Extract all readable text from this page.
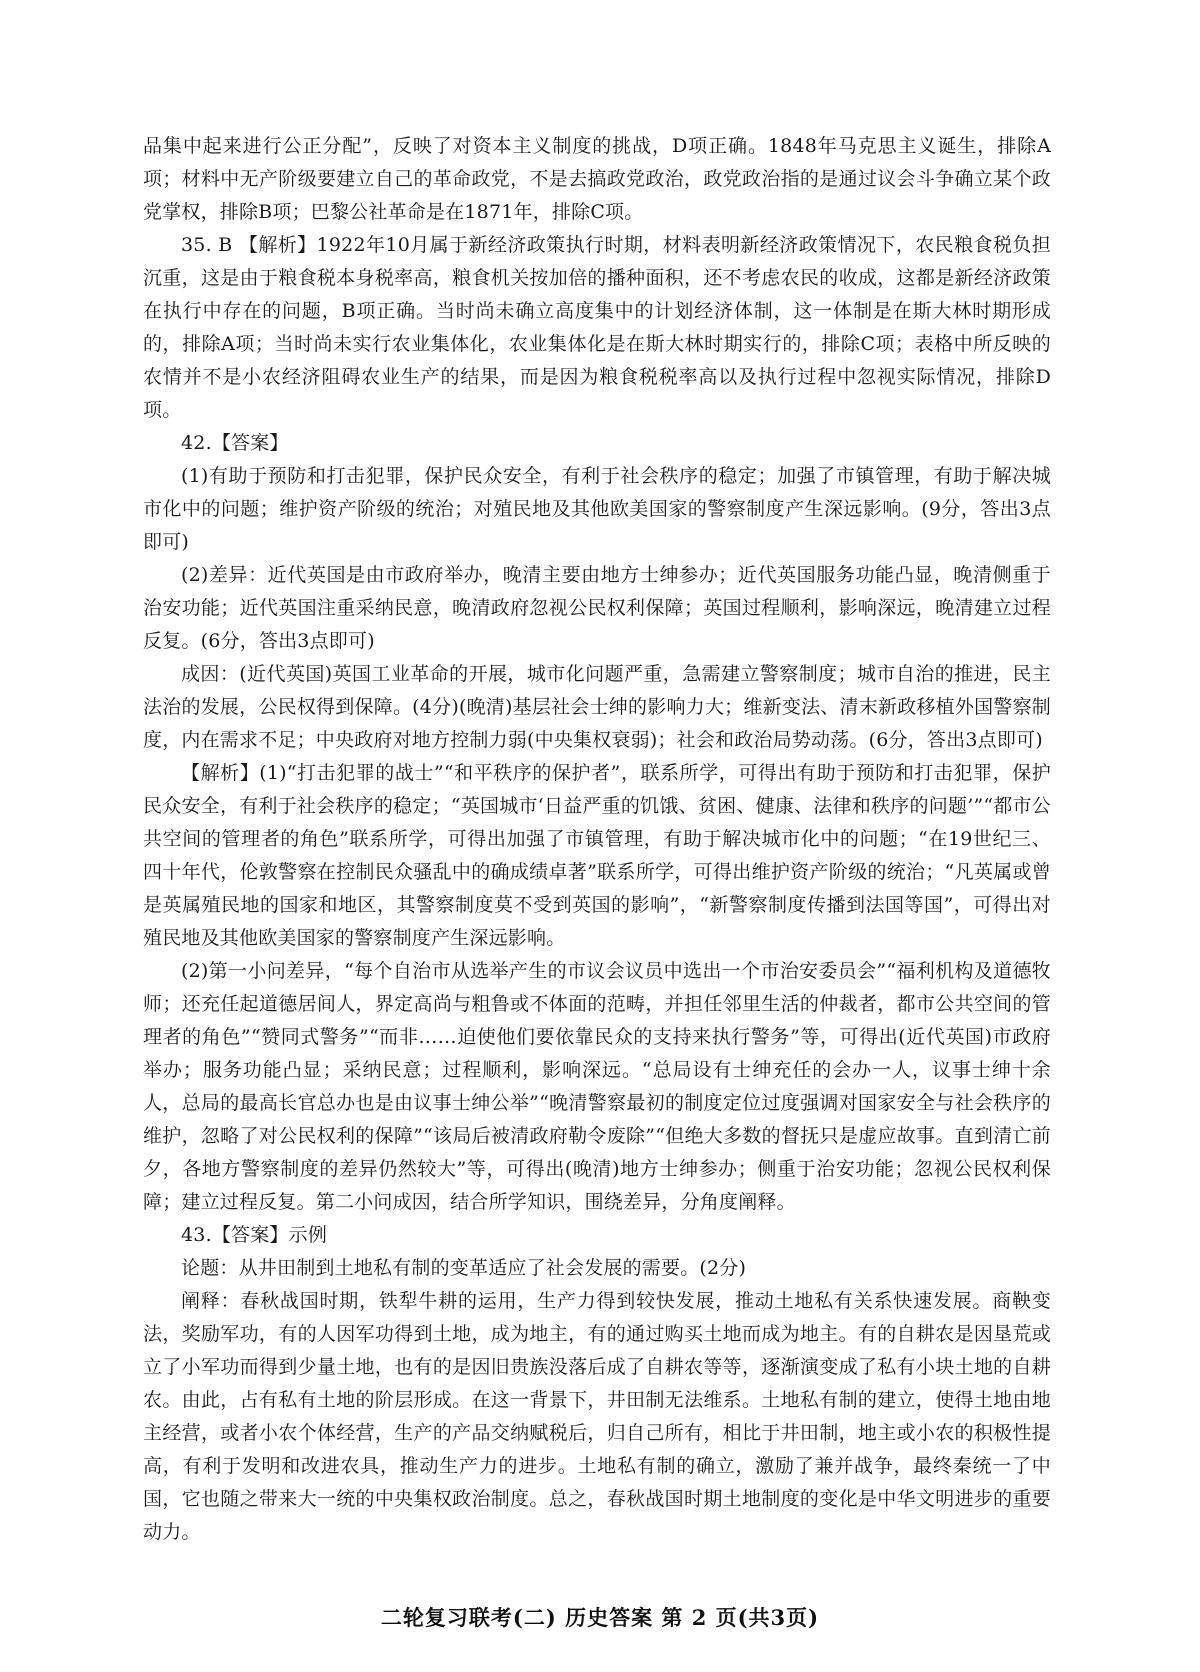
品集中起来进行公正分配”，反映了对资本主义制度的挑战，D项正确。1848年马克思主义诞生，排除A项；材料中无产阶级要建立自己的革命政党，不是去搞政党政治，政党政治指的是通过议会斗争确立某个政党掌权，排除B项；巴黎公社革命是在1871年，排除C项。

35. B 【解析】1922年10月属于新经济政策执行时期，材料表明新经济政策情况下，农民粮食税负担沉重，这是由于粮食税本身税率高，粮食机关按加倍的播种面积，还不考虑农民的收成，这都是新经济政策在执行中存在的问题，B项正确。当时尚未确立高度集中的计划经济体制，这一体制是在斯大林时期形成的，排除A项；当时尚未实行农业集体化，农业集体化是在斯大林时期实行的，排除C项；表格中所反映的农情并不是小农经济阻碍农业生产的结果，而是因为粮食税税率高以及执行过程中忽视实际情况，排除D项。

42.【答案】

(1)有助于预防和打击犯罪，保护民众安全，有利于社会秩序的稳定；加强了市镇管理，有助于解决城市化中的问题；维护资产阶级的统治；对殖民地及其他欧美国家的警察制度产生深远影响。(9分，答出3点即可)

(2)差异：近代英国是由市政府举办，晚清主要由地方士绅参办；近代英国服务功能凸显，晚清侧重于治安功能；近代英国注重采纳民意，晚清政府忽视公民权利保障；英国过程顺利，影响深远，晚清建立过程反复。(6分，答出3点即可)

成因：(近代英国)英国工业革命的开展，城市化问题严重，急需建立警察制度；城市自治的推进，民主法治的发展，公民权得到保障。(4分)(晚清)基层社会士绅的影响力大；维新变法、清末新政移植外国警察制度，内在需求不足；中央政府对地方控制力弱(中央集权衰弱)；社会和政治局势动荡。(6分，答出3点即可)

【解析】(1)“打击犯罪的战士”“和平秩序的保护者”，联系所学，可得出有助于预防和打击犯罪，保护民众安全，有利于社会秩序的稳定；“英国城市‘日益严重的饥饿、贫困、健康、法律和秩序的问题’”“都市公共空间的管理者的角色”联系所学，可得出加强了市镇管理，有助于解决城市化中的问题；“在19世纪三、四十年代，伦敦警察在控制民众骚乱中的确成绩卓著”联系所学，可得出维护资产阶级的统治；“凡英属或曾是英属殖民地的国家和地区，其警察制度莫不受到英国的影响”，“新警察制度传播到法国等国”，可得出对殖民地及其他欧美国家的警察制度产生深远影响。

(2)第一小问差异，“每个自治市从选举产生的市议会议员中选出一个市治安委员会”“福利机构及道德牧师；还充任起道德居间人，界定高尚与粗鲁或不体面的范畴，并担任邻里生活的仲裁者，都市公共空间的管理者的角色”“赞同式警务”“而非……迫使他们要依靠民众的支持来执行警务”等，可得出(近代英国)市政府举办；服务功能凸显；采纳民意；过程顺利，影响深远。“总局设有士绅充任的会办一人，议事士绅十余人，总局的最高长官总办也是由议事士绅公举”“晚清警察最初的制度定位过度强调对国家安全与社会秩序的维护，忽略了对公民权利的保障”“该局后被清政府勒令废除”“但绝大多数的督抚只是虚应故事。直到清亡前夕，各地方警察制度的差异仍然较大”等，可得出(晚清)地方士绅参办；侧重于治安功能；忽视公民权利保障；建立过程反复。第二小问成因，结合所学知识，围绕差异，分角度阐释。

43.【答案】示例

论题：从井田制到土地私有制的变革适应了社会发展的需要。(2分)

阐释：春秋战国时期，铁犁牛耕的运用，生产力得到较快发展，推动土地私有关系快速发展。商鞅变法，奖励军功，有的人因军功得到土地，成为地主，有的通过购买土地而成为地主。有的自耕农是因垦荒或立了小军功而得到少量土地，也有的是因旧贵族没落后成了自耕农等等，逐渐演变成了私有小块土地的自耕农。由此，占有私有土地的阶层形成。在这一背景下，井田制无法维系。土地私有制的建立，使得土地由地主经营，或者小农个体经营，生产的产品交纳赋税后，归自己所有，相比于井田制，地主或小农的积极性提高，有利于发明和改进农具，推动生产力的进步。土地私有制的确立，激励了兼并战争，最终秦统一了中国，它也随之带来大一统的中央集权政治制度。总之，春秋战国时期土地制度的变化是中华文明进步的重要动力。

二轮复习联考(二) 历史答案 第 2 页(共3页)
